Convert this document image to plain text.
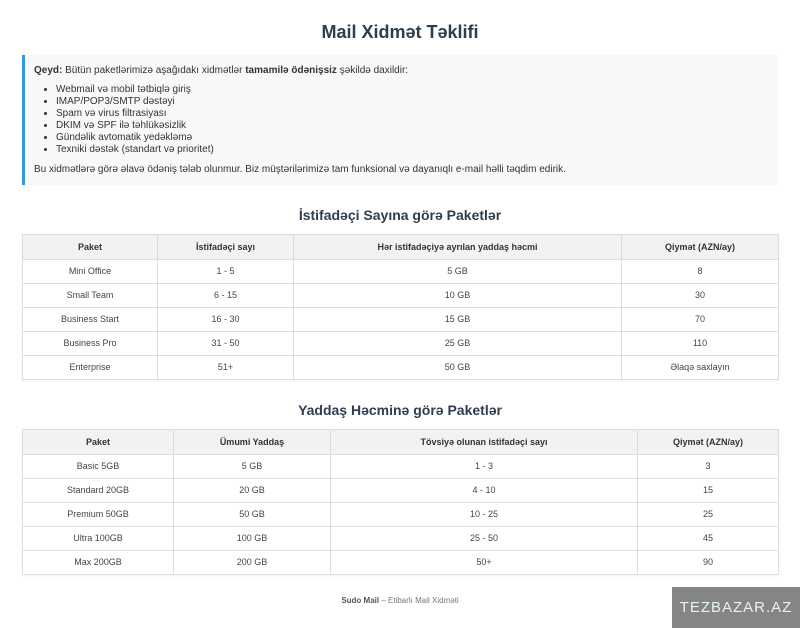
Mail Xidmət Təklifi

Qeyd: Bütün paketlərimizə aşağıdakı xidmətlər tamamilə ödənişsiz şəkildə daxildir:

• Webmail və mobil tətbiqlə giriş
• IMAP/POP3/SMTP dəstəyi
• Spam və virus filtrasiyası
• DKIM və SPF ilə təhlükəsizlik
• Gündəlik avtomatik yedəkləmə
• Texniki dəstək (standart və prioritet)

Bu xidmətlərə görə əlavə ödəniş tələb olunmur. Biz müştərilərimizə tam funksional və dayanıqlı e-mail həlli təqdim edirik.

İstifadəçi Sayına görə Paketlər
Paket	İstifadəçi sayı	Hər istifadəçiyə ayrılan yaddaş həcmi	Qiymət (AZN/ay)
Mini Office	1 - 5	5 GB	8
Small Team	6 - 15	10 GB	30
Business Start	16 - 30	15 GB	70
Business Pro	31 - 50	25 GB	110
Enterprise	51+	50 GB	Əlaqə saxlayın
Yaddaş Həcminə görə Paketlər
Paket	Ümumi Yaddaş	Tövsiyə olunan istifadəçi sayı	Qiymət (AZN/ay)
Basic 5GB	5 GB	1 - 3	3
Standard 20GB	20 GB	4 - 10	15
Premium 50GB	50 GB	10 - 25	25
Ultra 100GB	100 GB	25 - 50	45
Max 200GB	200 GB	50+	90
Sudo Mail – Etibarlı Mail Xidməti	TEZBAZAR.AZ
